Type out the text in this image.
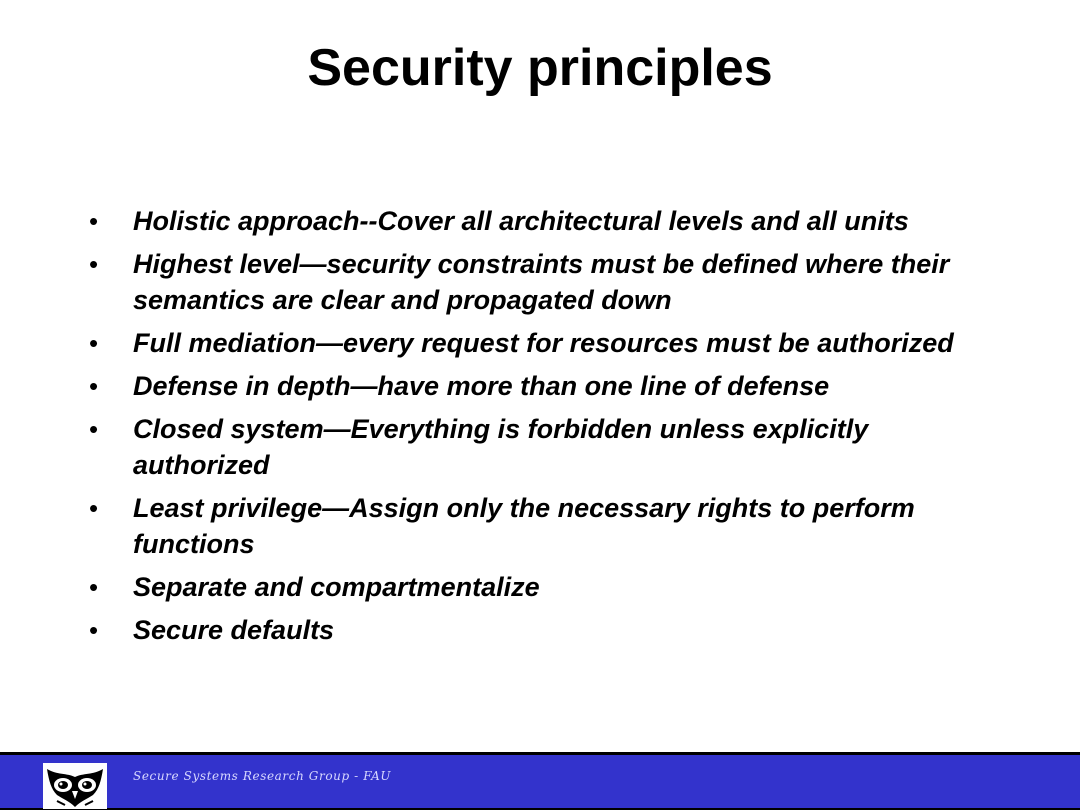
Security principles
• Holistic approach--Cover all architectural levels and all units
• Highest level—security constraints must be defined where their semantics are clear and propagated down
• Full mediation—every request for resources must be authorized
• Defense in depth—have more than one line of defense
• Closed system—Everything is forbidden unless explicitly authorized
• Least privilege—Assign only the necessary rights to perform functions
• Separate and compartmentalize
• Secure defaults
Secure Systems Research Group - FAU
